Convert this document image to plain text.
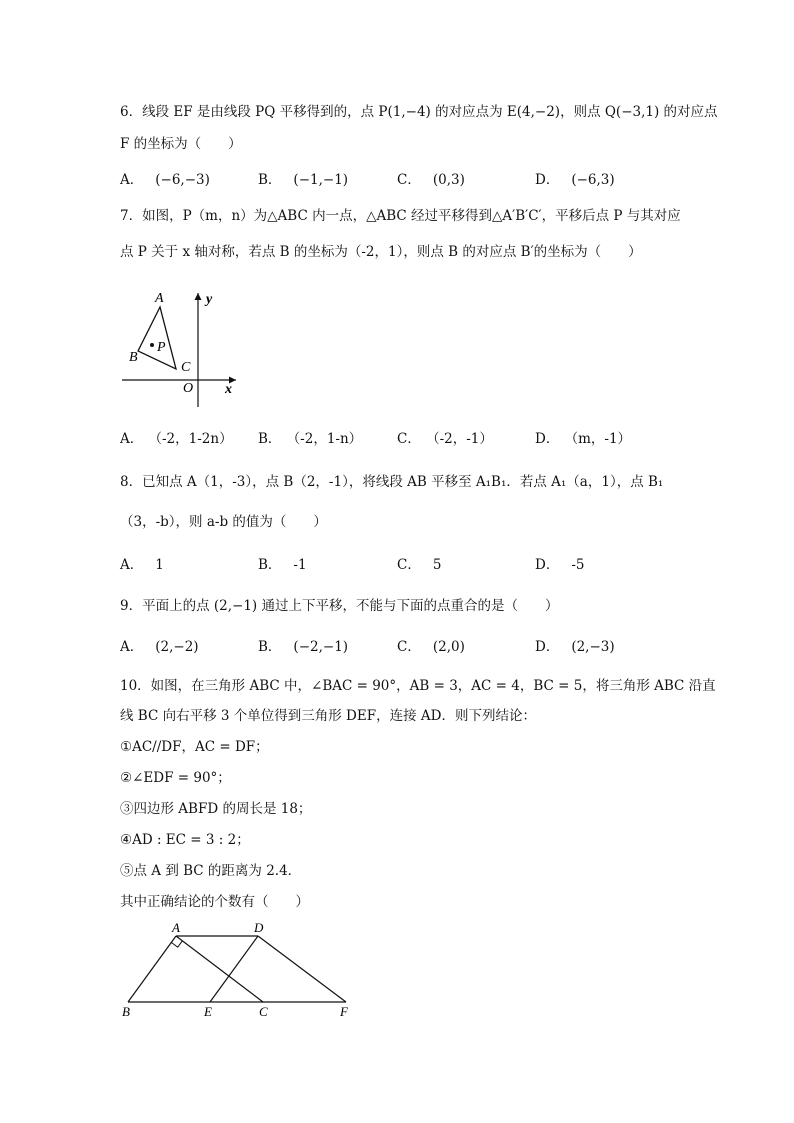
6．线段 EF 是由线段 PQ 平移得到的，点 P(1,−4) 的对应点为 E(4,−2)，则点 Q(−3,1) 的对应点
F 的坐标为（　　）
A． (−6,−3)	B． (−1,−1)	C． (0,3)	D． (−6,3)
7．如图，P（m，n）为△ABC 内一点，△ABC 经过平移得到△A′B′C′，平移后点 P 与其对应
点 P 关于 x 轴对称，若点 B 的坐标为（-2，1），则点 B 的对应点 B′的坐标为（　　）
A
B
C
P
O x
y
A． （-2，1-2n） B． （-2，1-n）	C． （-2，-1）	D． （m，-1）
8．已知点 A（1，-3），点 B（2，-1），将线段 AB 平移至 A₁B₁．若点 A₁（a，1），点 B₁
（3，-b），则 a-b 的值为（　　）
A． 1	B． -1	C． 5	D． -5
9．平面上的点 (2,−1) 通过上下平移，不能与下面的点重合的是（　　）
A． (2,−2)	B． (−2,−1)	C． (2,0)	D． (2,−3)
10．如图，在三角形 ABC 中，∠BAC = 90°，AB = 3，AC = 4，BC = 5，将三角形 ABC 沿直
线 BC 向右平移 3 个单位得到三角形 DEF，连接 AD．则下列结论：
①AC//DF，AC = DF；
②∠EDF = 90°；
③四边形 ABFD 的周长是 18；
④AD : EC = 3 : 2；
⑤点 A 到 BC 的距离为 2.4．
其中正确结论的个数有（　　）
A	D
B	E	C	F
